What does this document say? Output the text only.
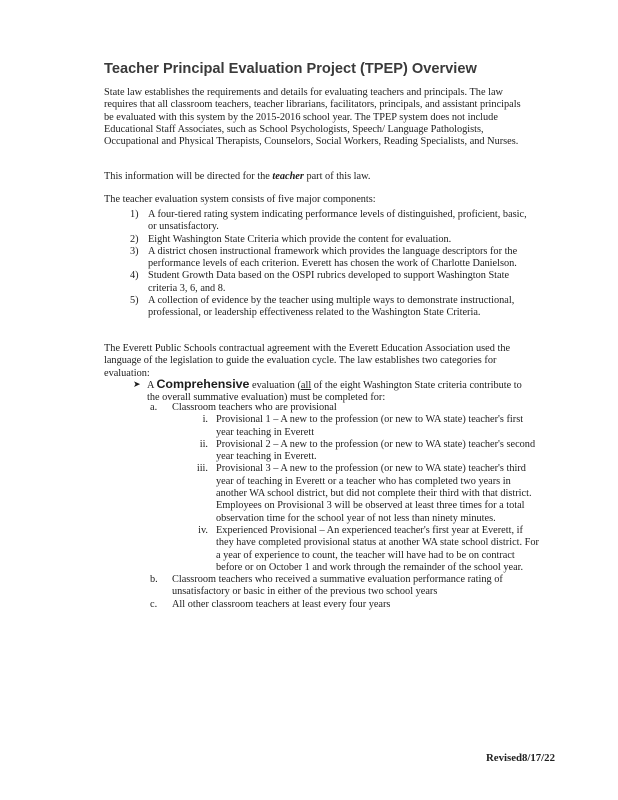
Teacher Principal Evaluation Project (TPEP) Overview
State law establishes the requirements and details for evaluating teachers and principals. The law requires that all classroom teachers, teacher librarians, facilitators, principals, and assistant principals be evaluated with this system by the 2015-2016 school year. The TPEP system does not include Educational Staff Associates, such as School Psychologists, Speech/ Language Pathologists, Occupational and Physical Therapists, Counselors, Social Workers, Reading Specialists, and Nurses.
This information will be directed for the teacher part of this law.
The teacher evaluation system consists of five major components:
1) A four-tiered rating system indicating performance levels of distinguished, proficient, basic, or unsatisfactory.
2) Eight Washington State Criteria which provide the content for evaluation.
3) A district chosen instructional framework which provides the language descriptors for the performance levels of each criterion. Everett has chosen the work of Charlotte Danielson.
4) Student Growth Data based on the OSPI rubrics developed to support Washington State criteria 3, 6, and 8.
5) A collection of evidence by the teacher using multiple ways to demonstrate instructional, professional, or leadership effectiveness related to the Washington State Criteria.
The Everett Public Schools contractual agreement with the Everett Education Association used the language of the legislation to guide the evaluation cycle. The law establishes two categories for evaluation:
➤ A Comprehensive evaluation (all of the eight Washington State criteria contribute to the overall summative evaluation) must be completed for:
a. Classroom teachers who are provisional
i. Provisional 1 – A new to the profession (or new to WA state) teacher's first year teaching in Everett
ii. Provisional 2 – A new to the profession (or new to WA state) teacher's second year teaching in Everett.
iii. Provisional 3 – A new to the profession (or new to WA state) teacher's third year of teaching in Everett or a teacher who has completed two years in another WA school district, but did not complete their third with that district. Employees on Provisional 3 will be observed at least three times for a total observation time for the school year of not less than ninety minutes.
iv. Experienced Provisional – An experienced teacher's first year at Everett, if they have completed provisional status at another WA state school district. For a year of experience to count, the teacher will have had to be on contract before or on October 1 and work through the remainder of the school year.
b. Classroom teachers who received a summative evaluation performance rating of unsatisfactory or basic in either of the previous two school years
c. All other classroom teachers at least every four years
Revised8/17/22
